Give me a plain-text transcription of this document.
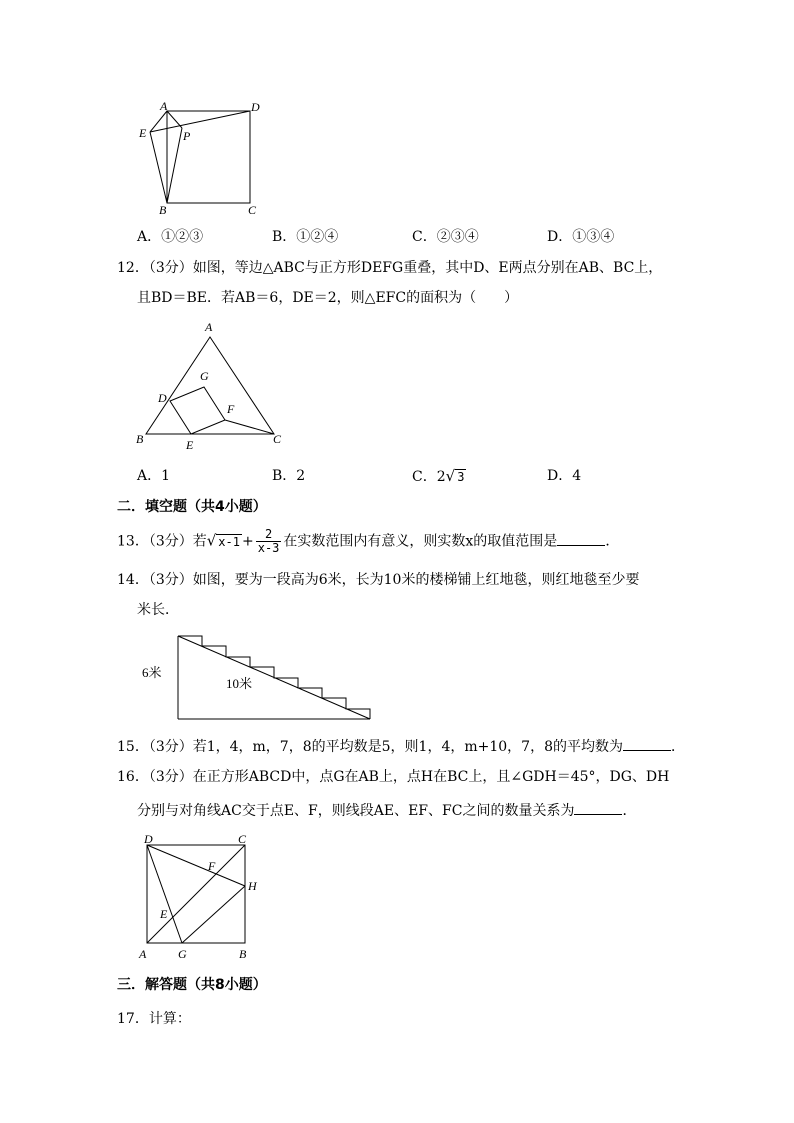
A	D
E	P
B	C
A．①②③	B．①②④	C．②③④	D．①③④
12．（3分）如图，等边△ABC与正方形DEFG重叠，其中D、E两点分别在AB、BC上，
且BD＝BE．若AB＝6，DE＝2，则△EFC的面积为（　　）
A
B	C
D
E
F
G
A．1	B．2	C．2√ 3	D．4
二．填空题（共4小题）
13．（3分）若√ $x-1 + \frac{2}{x-3}$ 在实数范围内有意义，则实数x的取值范围是	．
14．（3分）如图，要为一段高为6米，长为10米的楼梯铺上红地毯，则红地毯至少要
米长．
6米
10米
15．（3分）若1，4，m，7，8的平均数是5，则1，4，m+10，7，8的平均数为	．
16．（3分）在正方形ABCD中，点G在AB上，点H在BC上，且∠GDH＝45°，DG、DH
分别与对角线AC交于点E、F，则线段AE、EF、FC之间的数量关系为	．
D	C
F
H
E
A	G	B
三．解答题（共8小题）
17．计算：
